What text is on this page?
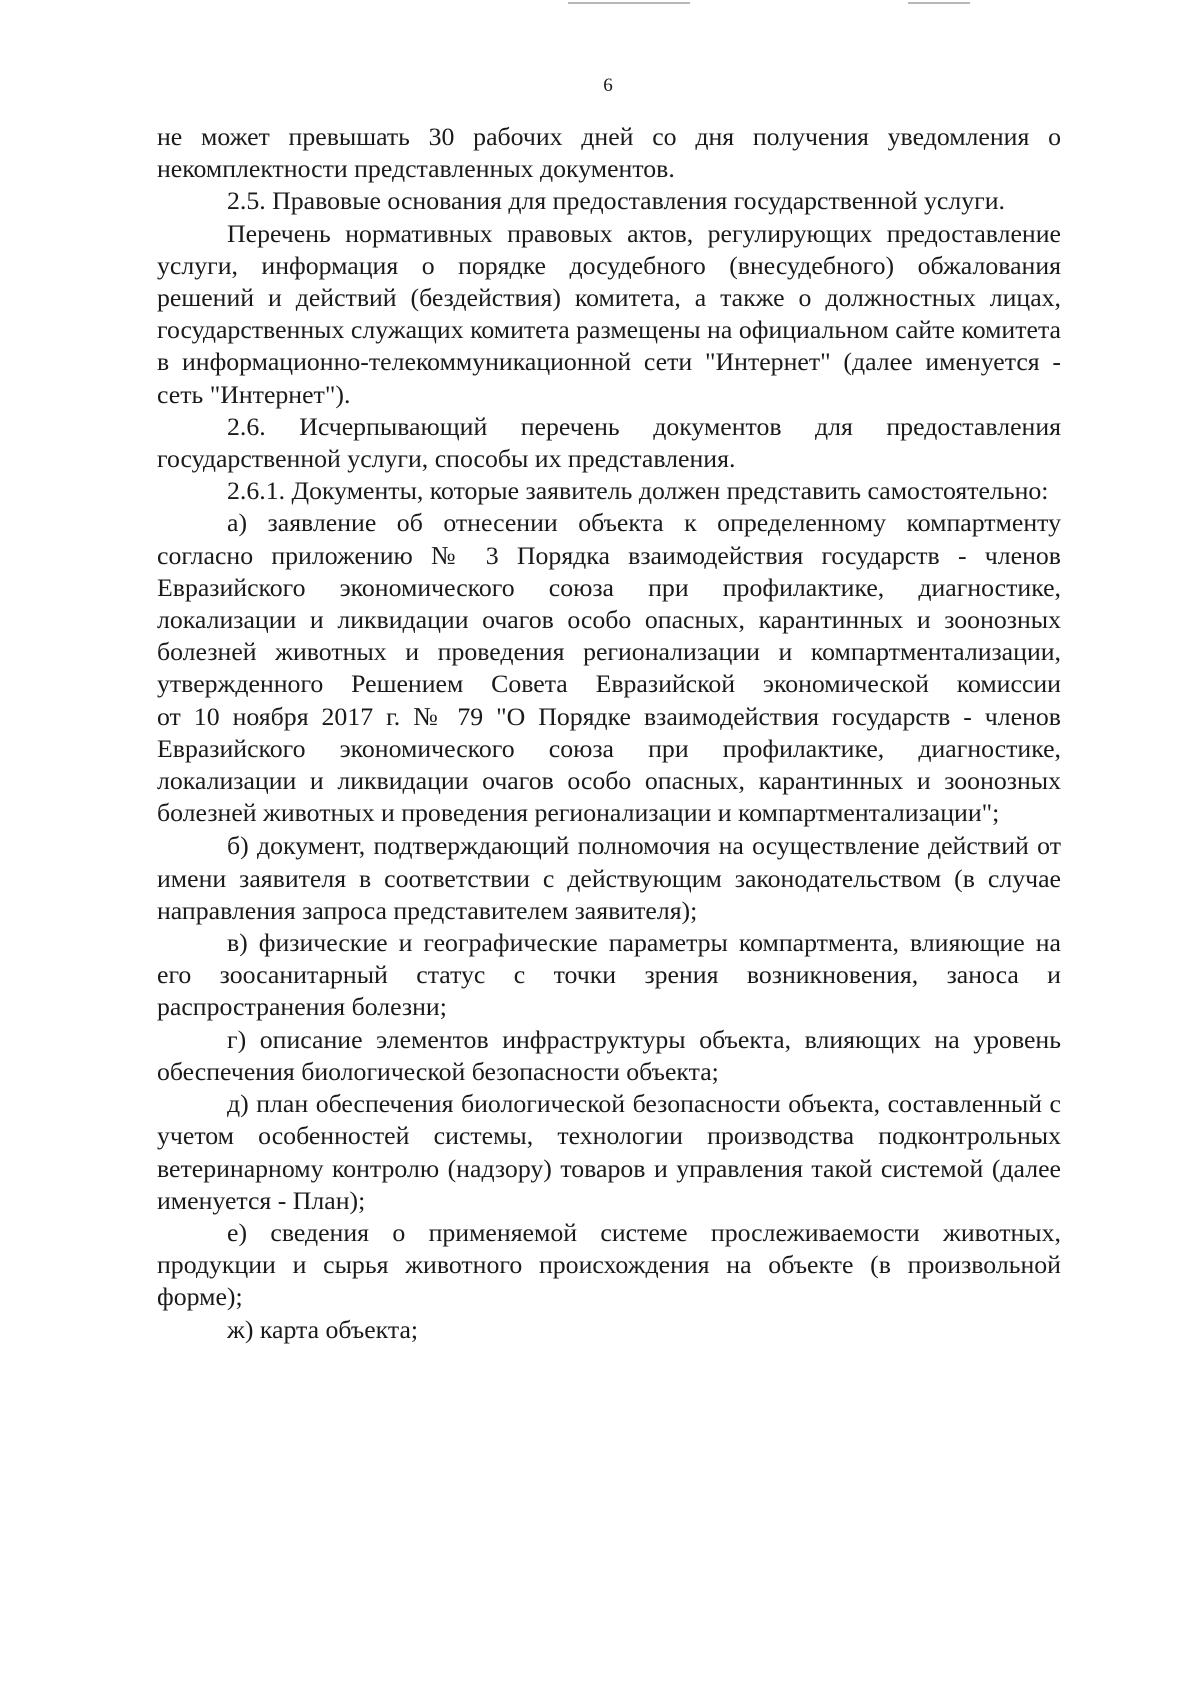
6

не может превышать 30 рабочих дней со дня получения уведомления о некомплектности представленных документов.

2.5. Правовые основания для предоставления государственной услуги.

Перечень нормативных правовых актов, регулирующих предоставление услуги, информация о порядке досудебного (внесудебного) обжалования решений и действий (бездействия) комитета, а также о должностных лицах, государственных служащих комитета размещены на официальном сайте комитета в информационно-телекоммуникационной сети "Интернет" (далее именуется - сеть "Интернет").

2.6. Исчерпывающий перечень документов для предоставления государственной услуги, способы их представления.

2.6.1. Документы, которые заявитель должен представить самостоятельно:

а) заявление об отнесении объекта к определенному компартменту согласно приложению № 3 Порядка взаимодействия государств - членов Евразийского экономического союза при профилактике, диагностике, локализации и ликвидации очагов особо опасных, карантинных и зоонозных болезней животных и проведения регионализации и компартментализации, утвержденного Решением Совета Евразийской экономической комиссии

от 10 ноября 2017 г. № 79 "О Порядке взаимодействия государств - членов Евразийского экономического союза при профилактике, диагностике, локализации и ликвидации очагов особо опасных, карантинных и зоонозных болезней животных и проведения регионализации и компартментализации";

б) документ, подтверждающий полномочия на осуществление действий от имени заявителя в соответствии с действующим законодательством (в случае направления запроса представителем заявителя);

в) физические и географические параметры компартмента, влияющие на его зоосанитарный статус с точки зрения возникновения, заноса и распространения болезни;

г) описание элементов инфраструктуры объекта, влияющих на уровень обеспечения биологической безопасности объекта;

д) план обеспечения биологической безопасности объекта, составленный с учетом особенностей системы, технологии производства подконтрольных ветеринарному контролю (надзору) товаров и управления такой системой (далее именуется - План);

е) сведения о применяемой системе прослеживаемости животных, продукции и сырья животного происхождения на объекте (в произвольной форме);

ж) карта объекта;
